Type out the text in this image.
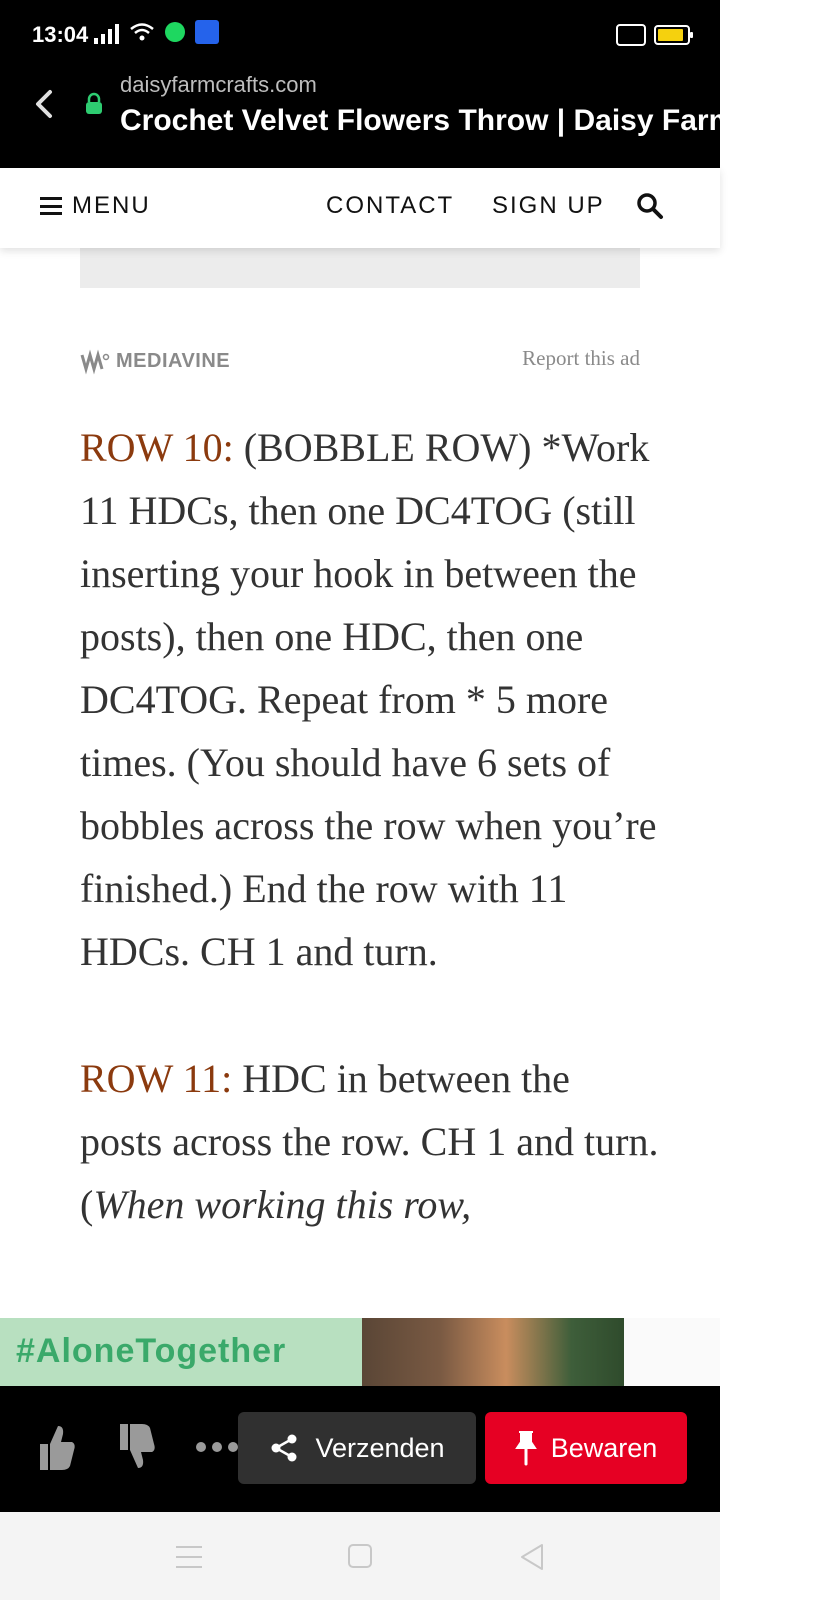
13:04
daisyfarmcrafts.com
Crochet Velvet Flowers Throw | Daisy Farm Crafts
MENU	CONTACT SIGN UP
MEDIAVINE	Report this ad

ROW 10: (BOBBLE ROW) *Work 11 HDCs, then one DC4TOG (still inserting your hook in between the posts), then one HDC, then one DC4TOG. Repeat from * 5 more times. (You should have 6 sets of bobbles across the row when you’re finished.) End the row with 11 HDCs. CH 1 and turn.

ROW 11: HDC in between the posts across the row. CH 1 and turn. (When working this row,

#AloneTogether
Verzenden	Bewaren
